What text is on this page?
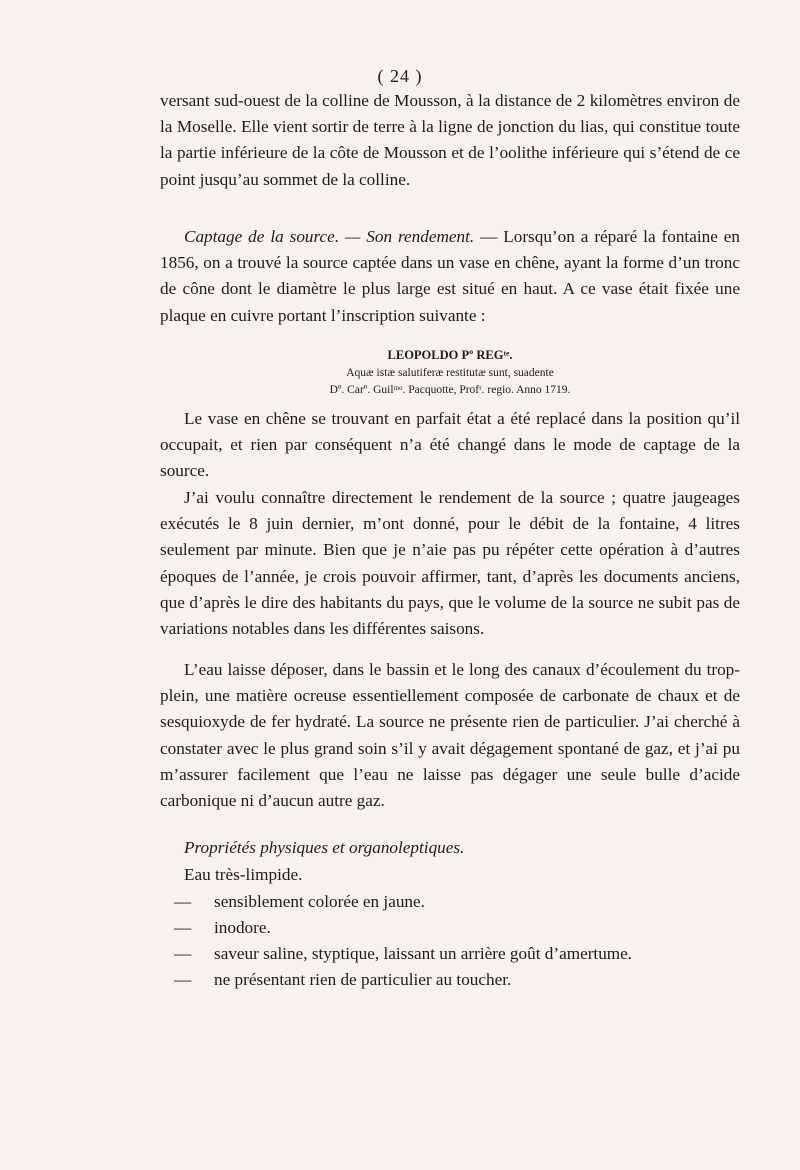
( 24 )

versant sud-ouest de la colline de Mousson, à la distance de 2 kilomètres environ de la Moselle. Elle vient sortir de terre à la ligne de jonction du lias, qui constitue toute la partie inférieure de la côte de Mousson et de l’oolithe inférieure qui s’étend de ce point jusqu’au sommet de la colline.

Captage de la source. — Son rendement. — Lorsqu’on a réparé la fontaine en 1856, on a trouvé la source captée dans un vase en chêne, ayant la forme d’un tronc de cône dont le diamètre le plus large est situé en haut. A ce vase était fixée une plaque en cuivre portant l’inscription suivante :

LEOPOLDO Pº REGᵗᵉ.
Aquæ istæ salutiferæ restitutæ sunt, suadente
Dº. Carº. Guilᵐᵒ. Pacquotte, Profʳ. regio. Anno 1719.

Le vase en chêne se trouvant en parfait état a été replacé dans la position qu’il occupait, et rien par conséquent n’a été changé dans le mode de captage de la source.

J’ai voulu connaître directement le rendement de la source ; quatre jaugeages exécutés le 8 juin dernier, m’ont donné, pour le débit de la fontaine, 4 litres seulement par minute. Bien que je n’aie pas pu répéter cette opération à d’autres époques de l’année, je crois pouvoir affirmer, tant, d’après les documents anciens, que d’après le dire des habitants du pays, que le volume de la source ne subit pas de variations notables dans les différentes saisons.

L’eau laisse déposer, dans le bassin et le long des canaux d’écoulement du trop-plein, une matière ocreuse essentiellement composée de carbonate de chaux et de sesquioxyde de fer hydraté. La source ne présente rien de particulier. J’ai cherché à constater avec le plus grand soin s’il y avait dégagement spontané de gaz, et j’ai pu m’assurer facilement que l’eau ne laisse pas dégager une seule bulle d’acide carbonique ni d’aucun autre gaz.

Propriétés physiques et organoleptiques.

Eau très-limpide.

— sensiblement colorée en jaune.
— inodore.
— saveur saline, styptique, laissant un arrière goût d’amertume.
— ne présentant rien de particulier au toucher.
